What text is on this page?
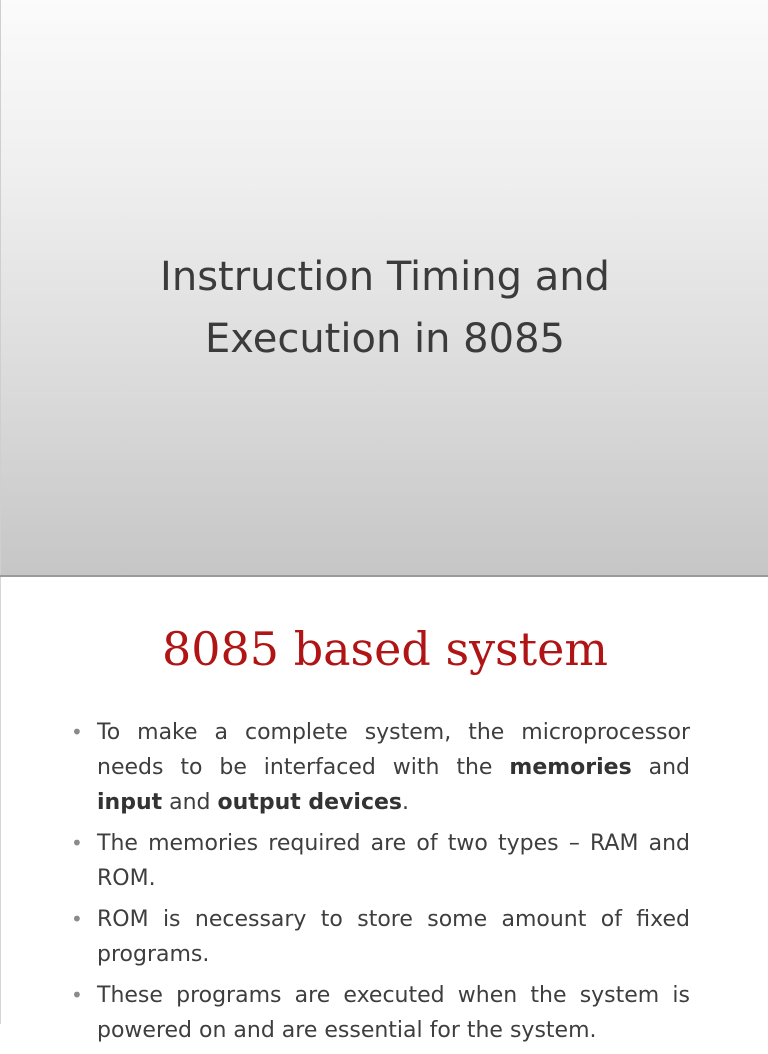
Instruction Timing and
Execution in 8085
8085 based system
• To make a complete system, the microprocessor needs to be interfaced with the memories and input and output devices.
• The memories required are of two types – RAM and ROM.
• ROM is necessary to store some amount of fixed programs.
• These programs are executed when the system is powered on and are essential for the system.
